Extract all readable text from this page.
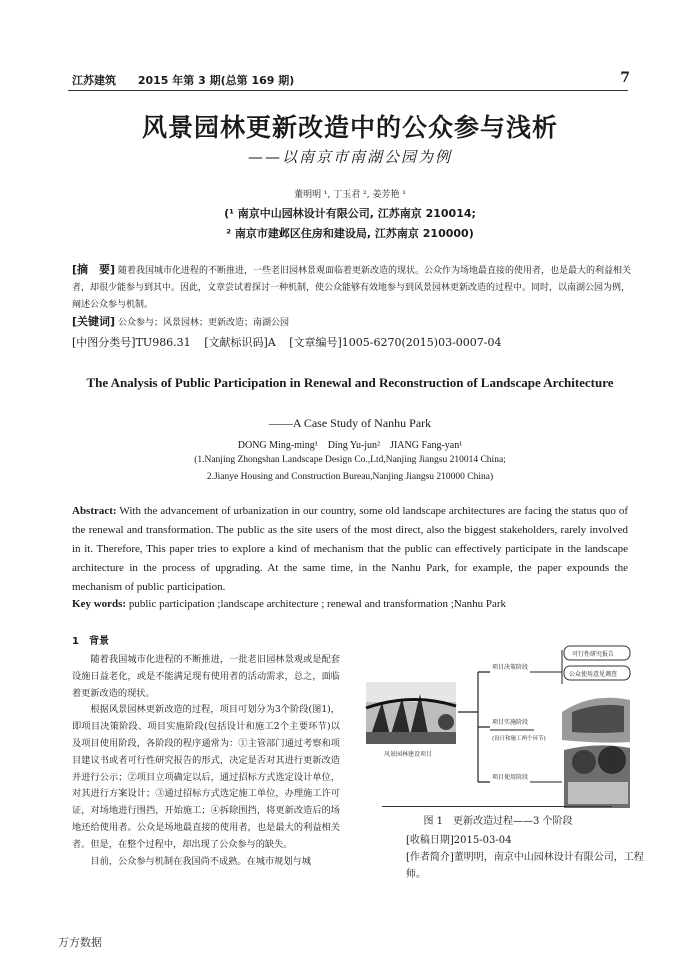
江苏建筑 2015 年第 3 期(总第 169 期)	7
风景园林更新改造中的公众参与浅析
——以南京市南湖公园为例
董明明 ¹, 丁玉君 ², 姜芳艳 ¹
(¹ 南京中山园林设计有限公司, 江苏南京 210014;
² 南京市建邺区住房和建设局, 江苏南京 210000)
[摘　要] 随着我国城市化进程的不断推进，一些老旧园林景观面临着更新改造的现状。公众作为场地最直接的使用者，也是最大的利益相关者，却很少能参与到其中。因此，文章尝试着探讨一种机制，使公众能够有效地参与到风景园林更新改造的过程中。同时，以南湖公园为例，阐述公众参与机制。
[关键词] 公众参与；风景园林；更新改造；南湖公园
[中图分类号]TU986.31 [文献标识码]A [文章编号]1005-6270(2015)03-0007-04
The Analysis of Public Participation in Renewal and Reconstruction of Landscape Architecture
——A Case Study of Nanhu Park
DONG Ming-ming¹　Ding Yu-jun²　JIANG Fang-yan¹
(1.Nanjing Zhongshan Landscape Design Co.,Ltd,Nanjing Jiangsu 210014 China;
2.Jianye Housing and Construction Bureau,Nanjing Jiangsu 210000 China)
Abstract: With the advancement of urbanization in our country, some old landscape architectures are facing the status quo of the renewal and transformation. The public as the site users of the most direct, also the biggest stakeholders, rarely involved in it. Therefore, This paper tries to explore a kind of mechanism that the public can effectively participate in the landscape architecture in the process of upgrading. At the same time, in the Nanhu Park, for example, the paper expounds the mechanism of public participation.
Key words: public participation ;landscape architecture ; renewal and transformation ;Nanhu Park
1　背景

随着我国城市化进程的不断推进，一批老旧园林景观或是配套设施日益老化，或是不能满足现有使用者的活动需求，总之，面临着更新改造的现状。

根据风景园林更新改造的过程，项目可划分为3个阶段(图1)，即项目决策阶段、项目实施阶段(包括设计和施工2个主要环节)以及项目使用阶段，各阶段的程序通常为：①主管部门通过考察和项目建议书或者可行性研究报告的形式，决定是否对其进行更新改造并进行公示；②项目立项确定以后，通过招标方式选定设计单位，对其进行方案设计；③通过招标方式选定施工单位，办理施工许可证，对场地进行围挡，开始施工；④拆除围挡，将更新改造后的场地还给使用者。公众是场地最直接的使用者，也是最大的利益相关者。但是，在整个过程中，却出现了公众参与的缺失。

目前，公众参与机制在我国尚不成熟。在城市规划与城

风景园林建设项目
项目决策阶段
项目实施阶段
项目使用阶段
可行性研究报告
公众使用意见调查
(设计和施工两个环节)
图 1　更新改造过程——3 个阶段
[收稿日期]2015-03-04
[作者简介]董明明，南京中山园林设计有限公司，工程师。
万方数据
